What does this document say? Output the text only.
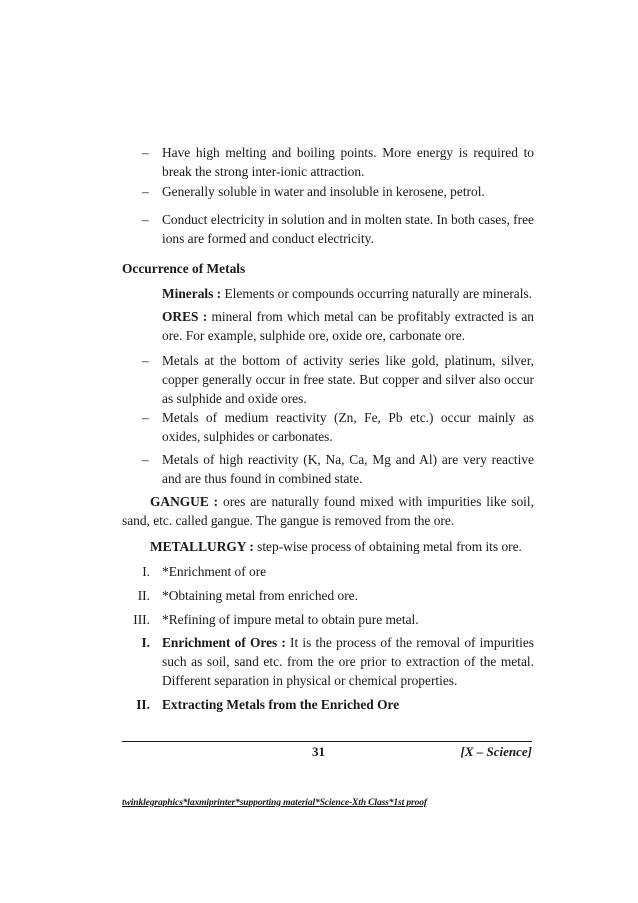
– Have high melting and boiling points. More energy is required to break the strong inter-ionic attraction.
– Generally soluble in water and insoluble in kerosene, petrol.
– Conduct electricity in solution and in molten state. In both cases, free ions are formed and conduct electricity.
Occurrence of Metals
Minerals : Elements or compounds occurring naturally are minerals.
ORES : mineral from which metal can be profitably extracted is an ore. For example, sulphide ore, oxide ore, carbonate ore.
– Metals at the bottom of activity series like gold, platinum, silver, copper generally occur in free state. But copper and silver also occur as sulphide and oxide ores.
– Metals of medium reactivity (Zn, Fe, Pb etc.) occur mainly as oxides, sulphides or carbonates.
– Metals of high reactivity (K, Na, Ca, Mg and Al) are very reactive and are thus found in combined state.
GANGUE : ores are naturally found mixed with impurities like soil, sand, etc. called gangue. The gangue is removed from the ore.
METALLURGY : step-wise process of obtaining metal from its ore.
I. *Enrichment of ore
II. *Obtaining metal from enriched ore.
III. *Refining of impure metal to obtain pure metal.
I. Enrichment of Ores : It is the process of the removal of impurities such as soil, sand etc. from the ore prior to extraction of the metal. Different separation in physical or chemical properties.
II. Extracting Metals from the Enriched Ore
31	[X – Science]
twinklegraphics*laxmiprinter*supporting material*Science-Xth Class*1st proof
